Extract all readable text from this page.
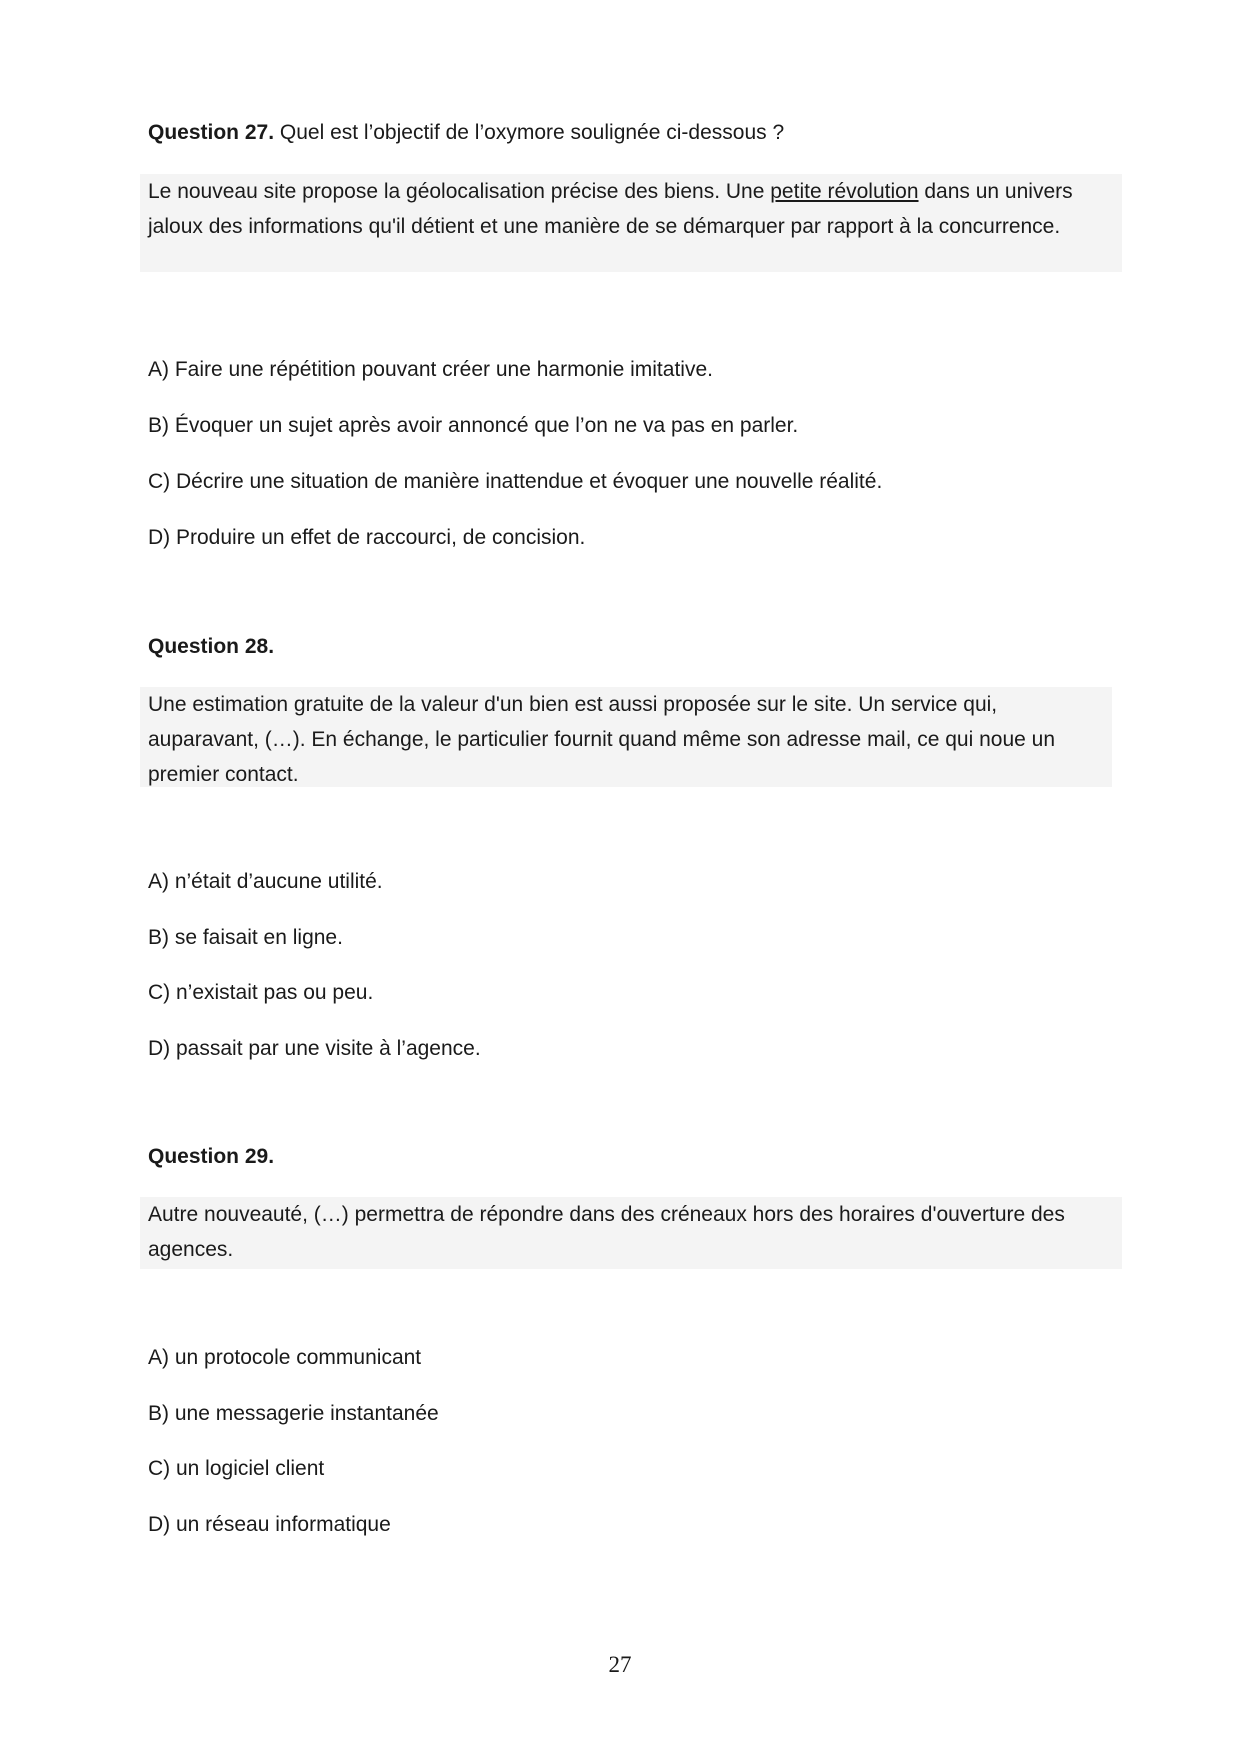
Question 27. Quel est l’objectif de l’oxymore soulignée ci-dessous ?

Le nouveau site propose la géolocalisation précise des biens. Une petite révolution dans un univers jaloux des informations qu'il détient et une manière de se démarquer par rapport à la concurrence.

A) Faire une répétition pouvant créer une harmonie imitative.

B) Évoquer un sujet après avoir annoncé que l’on ne va pas en parler.

C) Décrire une situation de manière inattendue et évoquer une nouvelle réalité.

D) Produire un effet de raccourci, de concision.

Question 28.

Une estimation gratuite de la valeur d'un bien est aussi proposée sur le site. Un service qui, auparavant, (…). En échange, le particulier fournit quand même son adresse mail, ce qui noue un premier contact.

A) n’était d’aucune utilité.

B) se faisait en ligne.

C) n’existait pas ou peu.

D) passait par une visite à l’agence.

Question 29.

Autre nouveauté, (…) permettra de répondre dans des créneaux hors des horaires d'ouverture des agences.

A) un protocole communicant

B) une messagerie instantanée

C) un logiciel client

D) un réseau informatique

27
